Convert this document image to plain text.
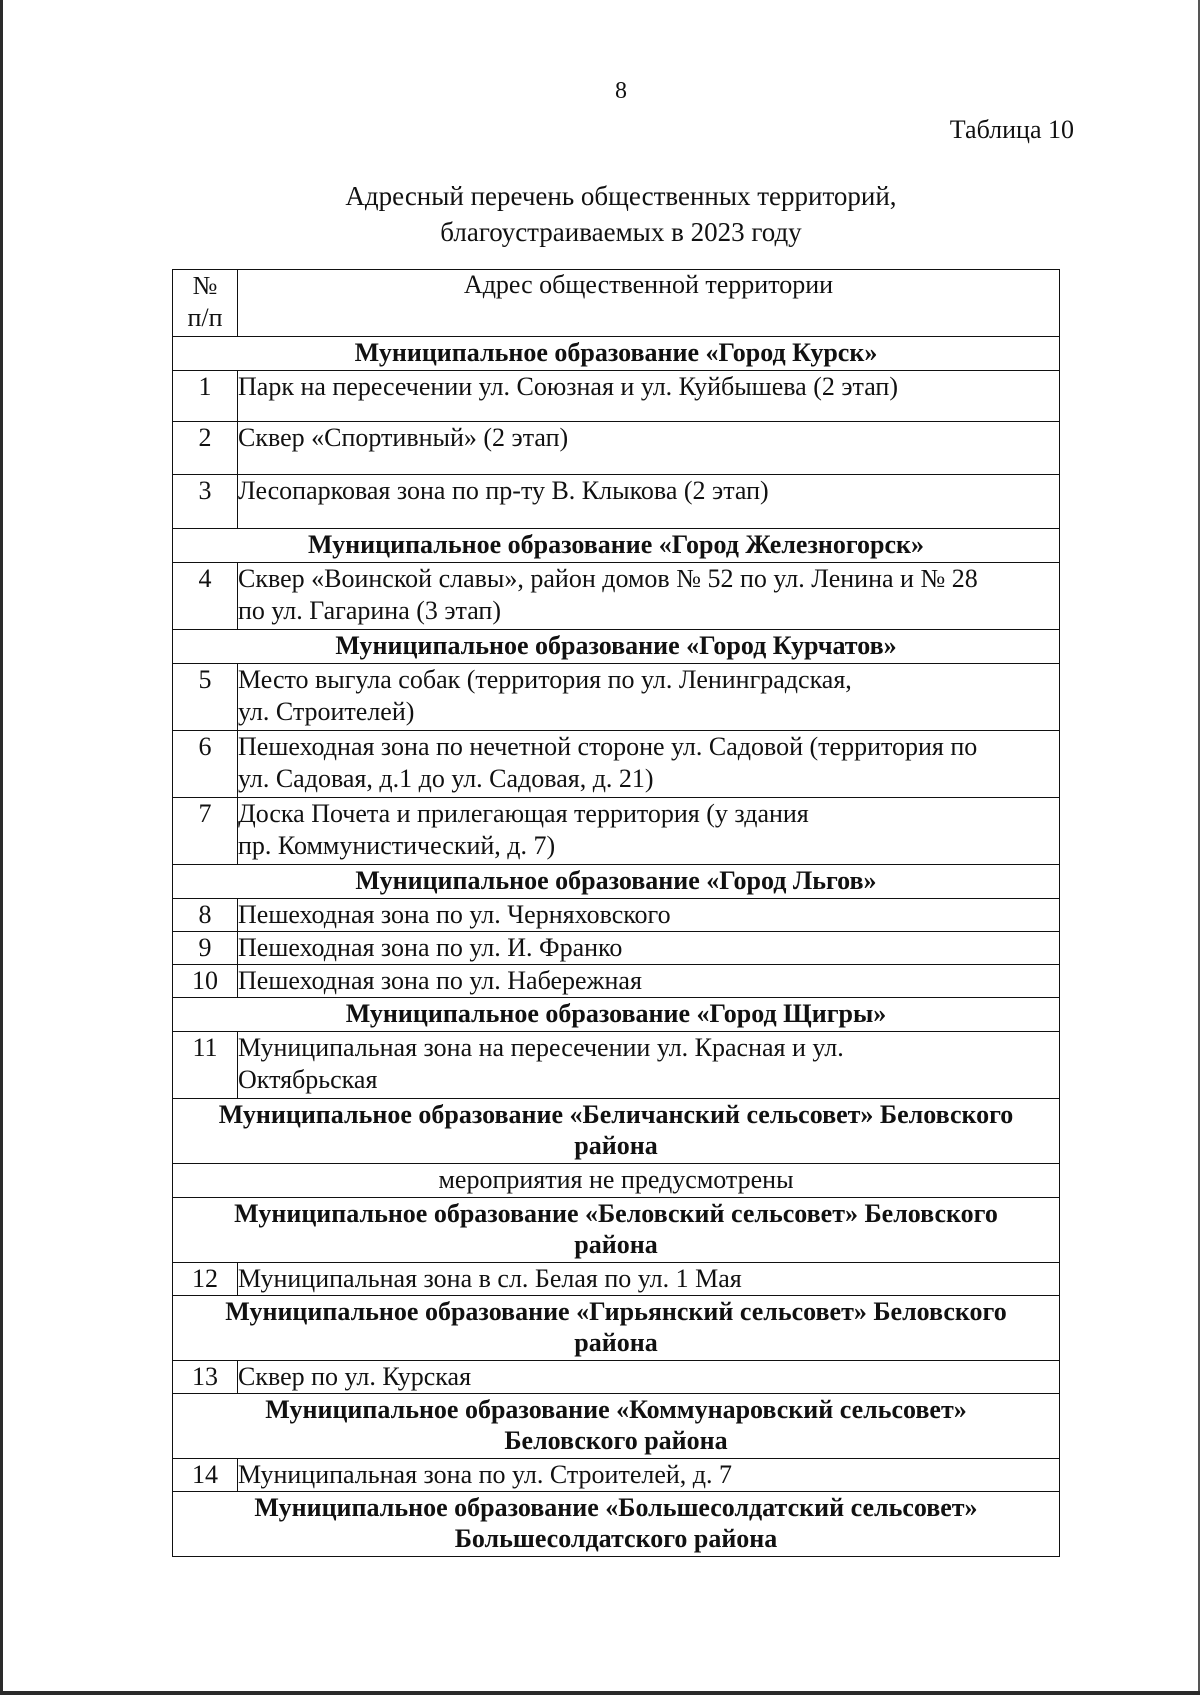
8
Таблица 10
Адресный перечень общественных территорий,
благоустраиваемых в 2023 году
№
п/п	Адрес общественной территории
Муниципальное образование «Город Курск»	
1	Парк на пересечении ул. Союзная и ул. Куйбышева (2 этап)
2	Сквер «Спортивный» (2 этап)
3	Лесопарковая зона по пр-ту В. Клыкова (2 этап)
Муниципальное образование «Город Железногорск»	
4	Сквер «Воинской славы», район домов № 52 по ул. Ленина и № 28
по ул. Гагарина (3 этап)

Муниципальное образование «Город Курчатов»	
5	Место выгула собак (территория по ул. Ленинградская,
ул. Строителей)

6	Пешеходная зона по нечетной стороне ул. Садовой (территория по
ул. Садовая, д.1 до ул. Садовая, д. 21)

7	Доска Почета и прилегающая территория (у здания
пр. Коммунистический, д. 7)

Муниципальное образование «Город Льгов»	
8	Пешеходная зона по ул. Черняховского
9	Пешеходная зона по ул. И. Франко
10	Пешеходная зона по ул. Набережная
Муниципальное образование «Город Щигры»	
11	Муниципальная зона на пересечении ул. Красная и ул.
Октябрьская

Муниципальное образование «Беличанский сельсовет» Беловского
района	

мероприятия не предусмотрены	

Муниципальное образование «Беловский сельсовет» Беловского
района	

12	Муниципальная зона в сл. Белая по ул. 1 Мая

Муниципальное образование «Гирьянский сельсовет» Беловского
района	

13	Сквер по ул. Курская

Муниципальное образование «Коммунаровский сельсовет»
Беловского района	

14	Муниципальная зона по ул. Строителей, д. 7

Муниципальное образование «Большесолдатский сельсовет»
Большесолдатского района	
